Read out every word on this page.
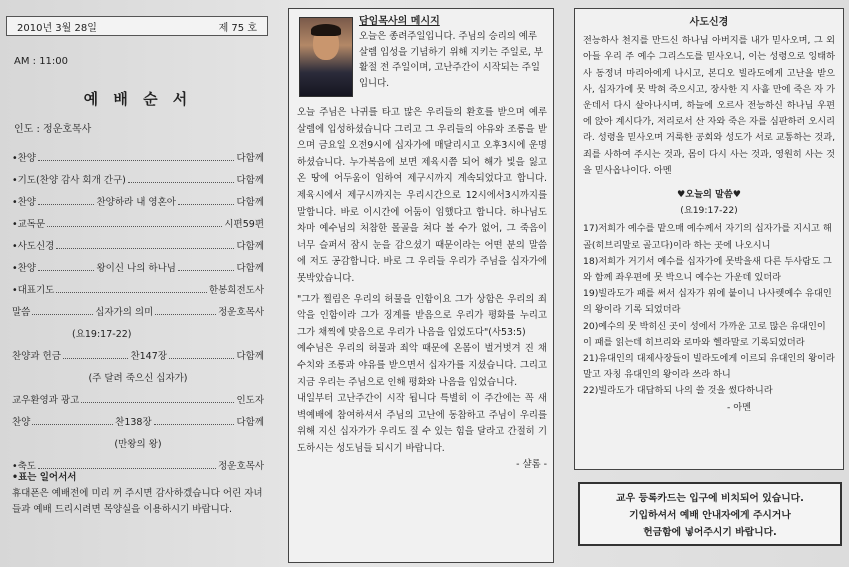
2010년 3월 28일	제 75 호
AM : 11:00
예 배 순 서
인도 : 정운호목사
•찬양	다함께
•기도(찬양 감사 회개 간구)	다함께
•찬양	찬양하라 내 영혼아	다함께
•교독문	시편59편
•사도신경	다함께
•찬양	왕이신 나의 하나님	다함께
•대표기도	한봉희전도사
말씀	십자가의 의미	정운호목사
(요19:17-22)
찬양과 헌금	찬147장	다함께
(주 달려 죽으신 십자가)
교우환영과 광고	인도자
찬양	찬138장	다함께
(만왕의 왕)
•축도	정운호목사
•표는 일어서서
휴대폰은 예배전에 미리 꺼 주시면 감사하겠습니다 어린 자녀들과 예배 드리시려면 목양실을 이용하시기 바랍니다.
담임목사의 메시지
오늘은 종려주일입니다. 주님의 승리의 예루살렘 입성을 기념하기 위해 지키는 주일로, 부활절 전 주일이며, 고난주간이 시작되는 주일입니다.

오늘 주님은 나귀를 타고 많은 우리들의 환호를 받으며 예루살렘에 입성하셨습니다 그리고 그 우리들의 야유와 조롱을 받으며 금요일 오전9시에 십자가에 매달리시고 오후3시에 운명하셨습니다. 누가복음에 보면 제육시쯤 되어 해가 빛을 잃고 온 땅에 어두움이 임하여 제구시까지 계속되었다고 합니다. 제육시에서 제구시까지는 우리시간으로 12시에서3시까지를 말합니다. 바로 이시간에 어둠이 임했다고 합니다. 하나님도 차마 예수님의 처참한 몰골을 쳐다 볼 수가 없어, 그 죽음이 너무 슬퍼서 잠시 눈을 감으셨기 때문이라는 어떤 분의 말씀에 저도 공감합니다. 바로 그 우리들 우리가 주님을 십자가에 못박았습니다.

"그가 찔림은 우리의 허물을 인함이요 그가 상함은 우리의 죄악을 인함이라 그가 징계를 받음으로 우리가 평화를 누리고 그가 채찍에 맞음으로 우리가 나음을 입었도다"(사53:5)

예수님은 우리의 허물과 죄악 때문에 온몸이 벌거벗겨 진 채 수치와 조롱과 야유를 받으면서 십자가를 지셨습니다. 그리고 지금 우리는 주님으로 인해 평화와 나음을 입었습니다.

내일부터 고난주간이 시작 됩니다 특별히 이 주간에는 꼭 새벽예배에 참여하셔서 주님의 고난에 동참하고 주님이 우리를 위해 지신 십자가가 우리도 질 수 있는 힘을 달라고 간절히 기도하시는 성도님들 되시기 바랍니다.

- 샬롬 -
사도신경
전능하사 천지를 만드신 하나님 아버지를 내가 믿사오며, 그 외아들 우리 주 예수 그리스도를 믿사오니, 이는 성령으로 잉태하사 동정녀 마리아에게 나시고, 본디오 빌라도에게 고난을 받으사, 십자가에 못 박혀 죽으시고, 장사한 지 사흘 만에 죽은 자 가운데서 다시 살아나시며, 하늘에 오르사 전능하신 하나님 우편에 앉아 계시다가, 저리로서 산 자와 죽은 자를 심판하러 오시리라. 성령을 믿사오며 거룩한 공회와 성도가 서로 교통하는 것과, 죄를 사하여 주시는 것과, 몸이 다시 사는 것과, 영원히 사는 것을 믿사옵나이다. 아멘
♥오늘의 말씀♥
(요19:17-22)
17)저희가 예수를 맡으매 예수께서 자기의 십자가를 지시고 해골(히브리말로 골고다)이라 하는 곳에 나오시니
18)저희가 거기서 예수를 십자가에 못박을새 다른 두사람도 그와 함께 좌우편에 못 박으니 예수는 가운데 있더라
19)빌라도가 패를 써서 십자가 위에 붙이니 나사렛예수 유대인의 왕이라 기록 되었더라
20)예수의 못 박히신 곳이 성에서 가까운 고로 많은 유대인이 이 패를 읽는데 히브리와 로마와 헬라말로 기록되었더라
21)유대인의 대제사장들이 빌라도에게 이르되 유대인의 왕이라 말고 자칭 유대인의 왕이라 쓰라 하니
22)빌라도가 대답하되 나의 쓸 것을 썼다하니라
- 아멘
교우 등록카드는 입구에 비치되어 있습니다.
기입하셔서 예배 안내자에게 주시거나
헌금함에 넣어주시기 바랍니다.
